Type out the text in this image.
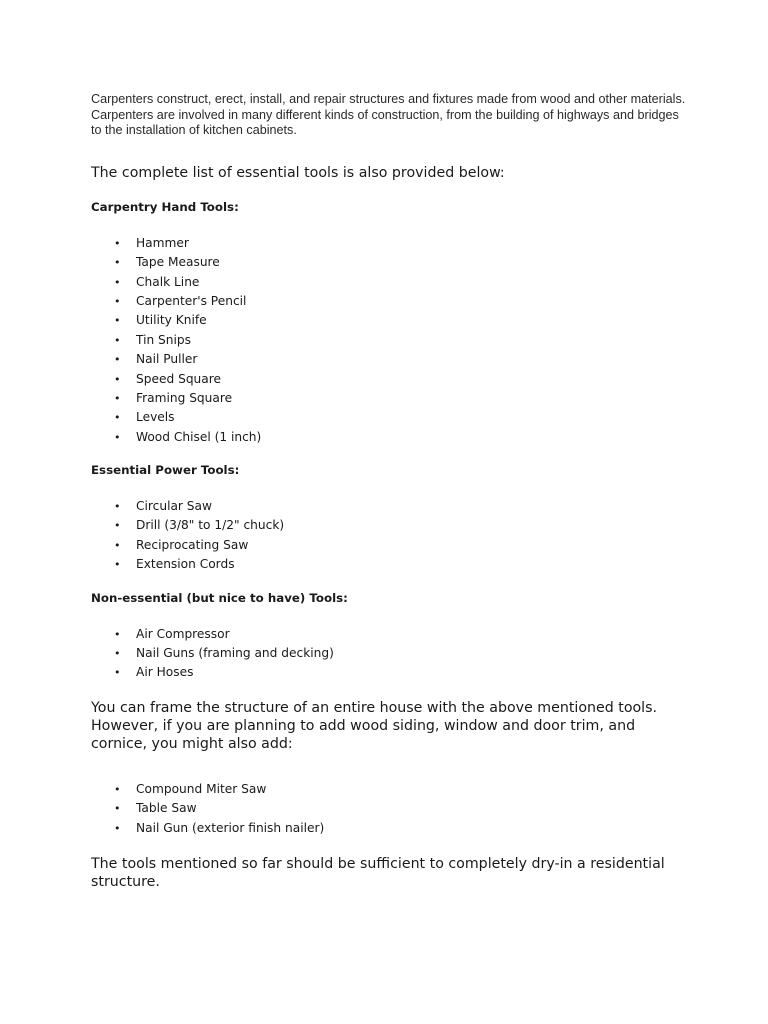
Carpenters construct, erect, install, and repair structures and fixtures made from wood and other materials. Carpenters are involved in many different kinds of construction, from the building of highways and bridges to the installation of kitchen cabinets.

The complete list of essential tools is also provided below:

Carpentry Hand Tools:

• Hammer
• Tape Measure
• Chalk Line
• Carpenter's Pencil
• Utility Knife
• Tin Snips
• Nail Puller
• Speed Square
• Framing Square
• Levels
• Wood Chisel (1 inch)

Essential Power Tools:

• Circular Saw
• Drill (3/8" to 1/2" chuck)
• Reciprocating Saw
• Extension Cords

Non-essential (but nice to have) Tools:

• Air Compressor
• Nail Guns (framing and decking)
• Air Hoses

You can frame the structure of an entire house with the above mentioned tools. However, if you are planning to add wood siding, window and door trim, and cornice, you might also add:

• Compound Miter Saw
• Table Saw
• Nail Gun (exterior finish nailer)

The tools mentioned so far should be sufficient to completely dry-in a residential structure.
